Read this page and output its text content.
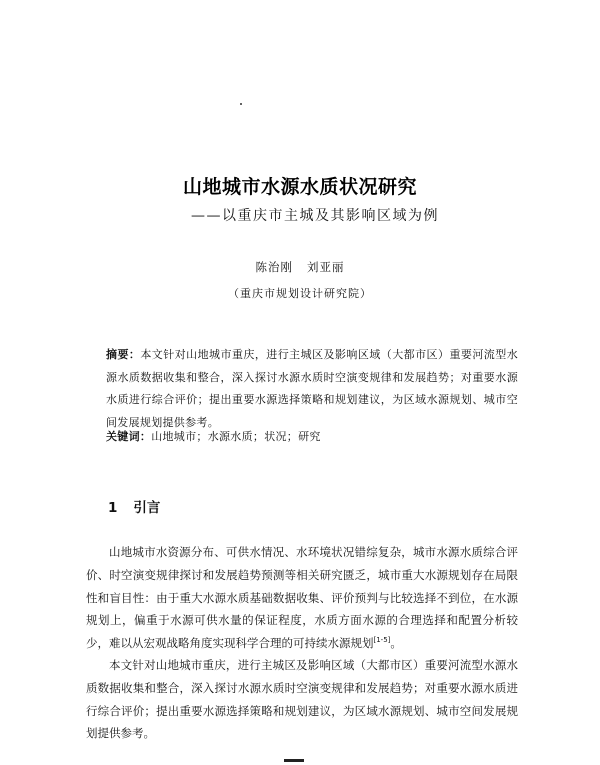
山地城市水源水质状况研究
——以重庆市主城及其影响区域为例
陈治刚 刘亚丽
（重庆市规划设计研究院）
摘要：本文针对山地城市重庆，进行主城区及影响区域（大都市区）重要河流型水源水质数据收集和整合，深入探讨水源水质时空演变规律和发展趋势；对重要水源水质进行综合评价；提出重要水源选择策略和规划建议，为区域水源规划、城市空间发展规划提供参考。
关键词：山地城市；水源水质；状况；研究
1 引言
山地城市水资源分布、可供水情况、水环境状况错综复杂，城市水源水质综合评价、时空演变规律探讨和发展趋势预测等相关研究匮乏，城市重大水源规划存在局限性和盲目性：由于重大水源水质基础数据收集、评价预判与比较选择不到位，在水源规划上，偏重于水源可供水量的保证程度，水质方面水源的合理选择和配置分析较少，难以从宏观战略角度实现科学合理的可持续水源规划[1-5]。
本文针对山地城市重庆，进行主城区及影响区域（大都市区）重要河流型水源水质数据收集和整合，深入探讨水源水质时空演变规律和发展趋势；对重要水源水质进行综合评价；提出重要水源选择策略和规划建议，为区域水源规划、城市空间发展规划提供参考。
